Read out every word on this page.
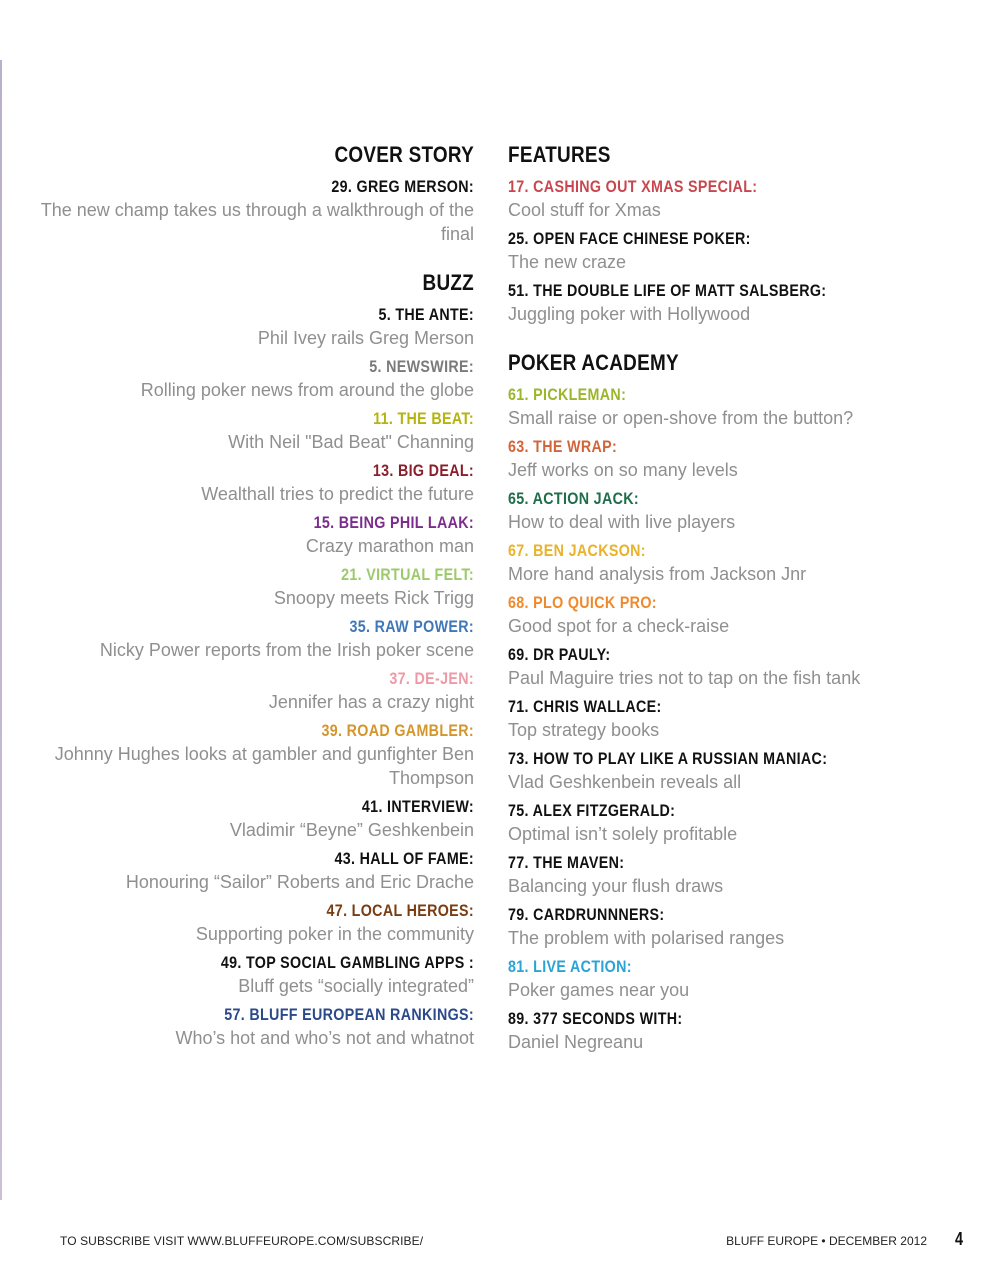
COVER STORY
29. GREG MERSON:
The new champ takes us through a walkthrough of the final
BUZZ
5. THE ANTE:
Phil Ivey rails Greg Merson
5. NEWSWIRE:
Rolling poker news from around the globe
11. THE BEAT:
With Neil "Bad Beat" Channing
13. BIG DEAL:
Wealthall tries to predict the future
15. BEING PHIL LAAK:
Crazy marathon man
21. VIRTUAL FELT:
Snoopy meets Rick Trigg
35. RAW POWER:
Nicky Power reports from the Irish poker scene
37. DE-JEN:
Jennifer has a crazy night
39. ROAD GAMBLER:
Johnny Hughes looks at gambler and gunfighter Ben Thompson
41. INTERVIEW:
Vladimir “Beyne” Geshkenbein
43. HALL OF FAME:
Honouring “Sailor” Roberts and Eric Drache
47. LOCAL HEROES:
Supporting poker in the community
49. TOP SOCIAL GAMBLING APPS :
Bluff gets “socially integrated”
57. BLUFF EUROPEAN RANKINGS:
Who’s hot and who’s not and whatnot
FEATURES
17. CASHING OUT XMAS SPECIAL:
Cool stuff for Xmas
25. OPEN FACE CHINESE POKER:
The new craze
51. THE DOUBLE LIFE OF MATT SALSBERG:
Juggling poker with Hollywood
POKER ACADEMY
61. PICKLEMAN:
Small raise or open-shove from the button?
63. THE WRAP:
Jeff works on so many levels
65. ACTION JACK:
How to deal with live players
67. BEN JACKSON:
More hand analysis from Jackson Jnr
68. PLO QUICK PRO:
Good spot for a check-raise
69. DR PAULY:
Paul Maguire tries not to tap on the fish tank
71. CHRIS WALLACE:
Top strategy books
73. HOW TO PLAY LIKE A RUSSIAN MANIAC:
Vlad Geshkenbein reveals all
75. ALEX FITZGERALD:
Optimal isn’t solely profitable
77. THE MAVEN:
Balancing your flush draws
79. CARDRUNNNERS:
The problem with polarised ranges
81. LIVE ACTION:
Poker games near you
89. 377 SECONDS WITH:
Daniel Negreanu
TO SUBSCRIBE VISIT WWW.BLUFFEUROPE.COM/SUBSCRIBE/	BLUFF EUROPE • DECEMBER 2012 4
